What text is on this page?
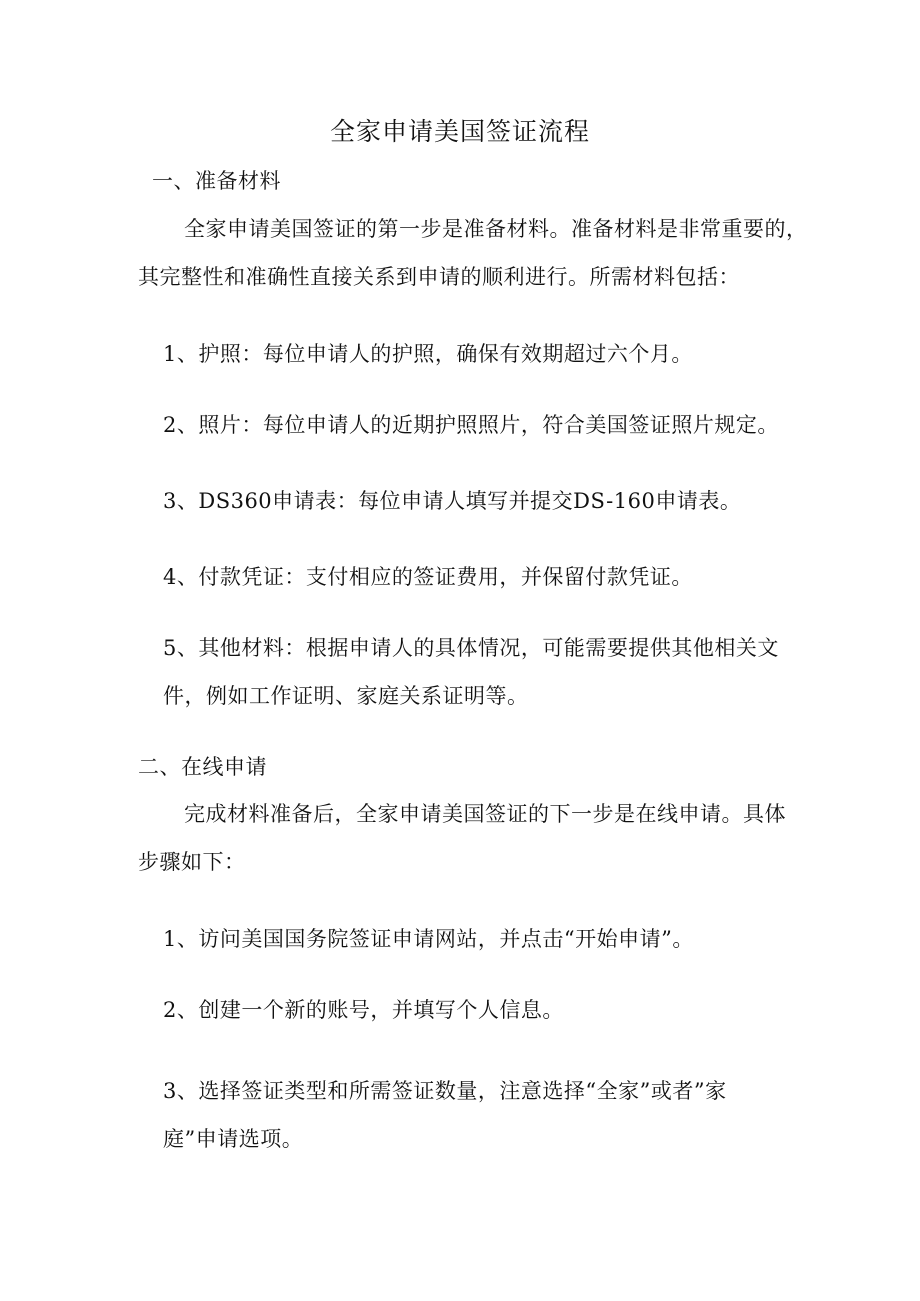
全家申请美国签证流程
一、准备材料
全家申请美国签证的第一步是准备材料。准备材料是非常重要的，
其完整性和准确性直接关系到申请的顺利进行。所需材料包括：
1、护照：每位申请人的护照，确保有效期超过六个月。
2、照片：每位申请人的近期护照照片，符合美国签证照片规定。
3、DS360申请表：每位申请人填写并提交DS-160申请表。
4、付款凭证：支付相应的签证费用，并保留付款凭证。
5、其他材料：根据申请人的具体情况，可能需要提供其他相关文
件，例如工作证明、家庭关系证明等。
二、在线申请
完成材料准备后，全家申请美国签证的下一步是在线申请。具体
步骤如下：
1、访问美国国务院签证申请网站，并点击“开始申请”。
2、创建一个新的账号，并填写个人信息。
3、选择签证类型和所需签证数量，注意选择“全家”或者”家
庭”申请选项。
